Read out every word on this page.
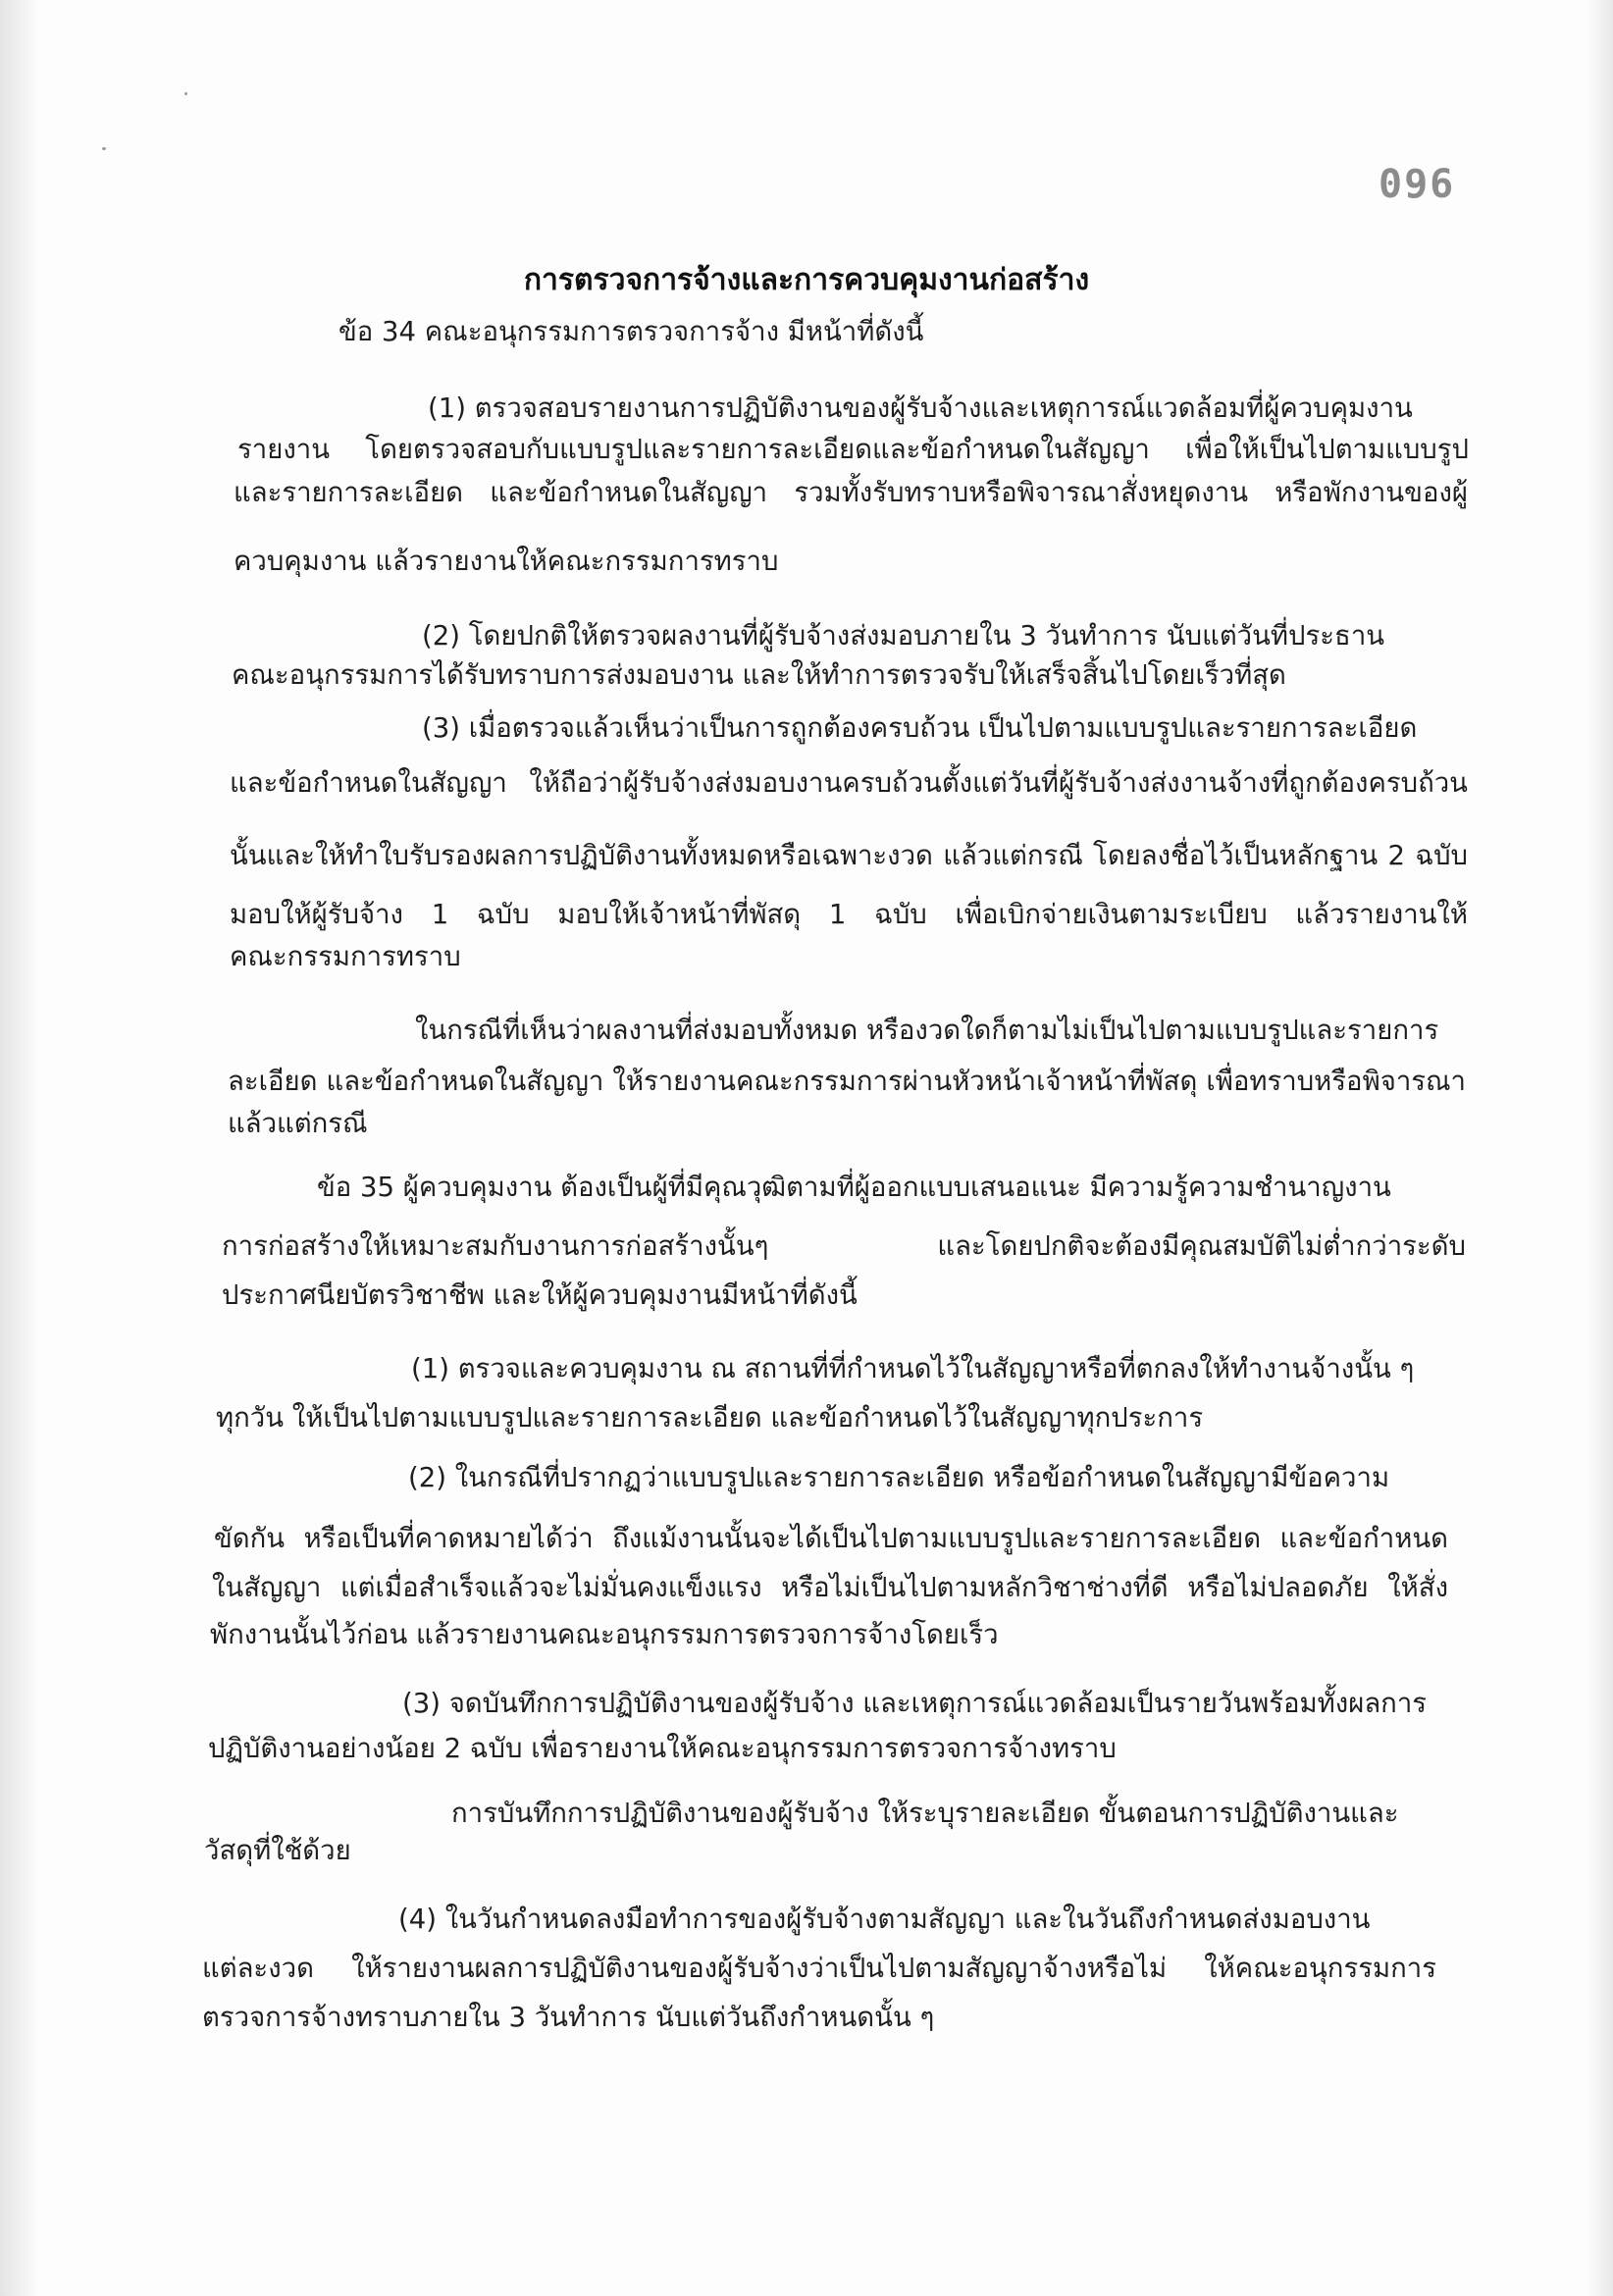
096
การตรวจการจ้างและการควบคุมงานก่อสร้าง
ข้อ 34 คณะอนุกรรมการตรวจการจ้าง มีหน้าที่ดังนี้
(1) ตรวจสอบรายงานการปฏิบัติงานของผู้รับจ้างและเหตุการณ์แวดล้อมที่ผู้ควบคุมงาน
รายงาน โดยตรวจสอบกับแบบรูปและรายการละเอียดและข้อกำหนดในสัญญา เพื่อให้เป็นไปตามแบบรูป
และรายการละเอียด และข้อกำหนดในสัญญา รวมทั้งรับทราบหรือพิจารณาสั่งหยุดงาน หรือพักงานของผู้
ควบคุมงาน แล้วรายงานให้คณะกรรมการทราบ
(2) โดยปกติให้ตรวจผลงานที่ผู้รับจ้างส่งมอบภายใน 3 วันทำการ นับแต่วันที่ประธาน
คณะอนุกรรมการได้รับทราบการส่งมอบงาน และให้ทำการตรวจรับให้เสร็จสิ้นไปโดยเร็วที่สุด
(3) เมื่อตรวจแล้วเห็นว่าเป็นการถูกต้องครบถ้วน เป็นไปตามแบบรูปและรายการละเอียด
และข้อกำหนดในสัญญา ให้ถือว่าผู้รับจ้างส่งมอบงานครบถ้วนตั้งแต่วันที่ผู้รับจ้างส่งงานจ้างที่ถูกต้องครบถ้วน
นั้นและให้ทำใบรับรองผลการปฏิบัติงานทั้งหมดหรือเฉพาะงวด แล้วแต่กรณี โดยลงชื่อไว้เป็นหลักฐาน 2 ฉบับ
มอบให้ผู้รับจ้าง 1 ฉบับ มอบให้เจ้าหน้าที่พัสดุ 1 ฉบับ เพื่อเบิกจ่ายเงินตามระเบียบ แล้วรายงานให้
คณะกรรมการทราบ
ในกรณีที่เห็นว่าผลงานที่ส่งมอบทั้งหมด หรืองวดใดก็ตามไม่เป็นไปตามแบบรูปและรายการ
ละเอียด และข้อกำหนดในสัญญา ให้รายงานคณะกรรมการผ่านหัวหน้าเจ้าหน้าที่พัสดุ เพื่อทราบหรือพิจารณา
แล้วแต่กรณี
ข้อ 35 ผู้ควบคุมงาน ต้องเป็นผู้ที่มีคุณวุฒิตามที่ผู้ออกแบบเสนอแนะ มีความรู้ความชำนาญงาน
การก่อสร้างให้เหมาะสมกับงานการก่อสร้างนั้นๆ และโดยปกติจะต้องมีคุณสมบัติไม่ต่ำกว่าระดับ
ประกาศนียบัตรวิชาชีพ และให้ผู้ควบคุมงานมีหน้าที่ดังนี้
(1) ตรวจและควบคุมงาน ณ สถานที่ที่กำหนดไว้ในสัญญาหรือที่ตกลงให้ทำงานจ้างนั้น ๆ
ทุกวัน ให้เป็นไปตามแบบรูปและรายการละเอียด และข้อกำหนดไว้ในสัญญาทุกประการ
(2) ในกรณีที่ปรากฏว่าแบบรูปและรายการละเอียด หรือข้อกำหนดในสัญญามีข้อความ
ขัดกัน หรือเป็นที่คาดหมายได้ว่า ถึงแม้งานนั้นจะได้เป็นไปตามแบบรูปและรายการละเอียด และข้อกำหนด
ในสัญญา แต่เมื่อสำเร็จแล้วจะไม่มั่นคงแข็งแรง หรือไม่เป็นไปตามหลักวิชาช่างที่ดี หรือไม่ปลอดภัย ให้สั่ง
พักงานนั้นไว้ก่อน แล้วรายงานคณะอนุกรรมการตรวจการจ้างโดยเร็ว
(3) จดบันทึกการปฏิบัติงานของผู้รับจ้าง และเหตุการณ์แวดล้อมเป็นรายวันพร้อมทั้งผลการ
ปฏิบัติงานอย่างน้อย 2 ฉบับ เพื่อรายงานให้คณะอนุกรรมการตรวจการจ้างทราบ
การบันทึกการปฏิบัติงานของผู้รับจ้าง ให้ระบุรายละเอียด ขั้นตอนการปฏิบัติงานและ
วัสดุที่ใช้ด้วย
(4) ในวันกำหนดลงมือทำการของผู้รับจ้างตามสัญญา และในวันถึงกำหนดส่งมอบงาน
แต่ละงวด ให้รายงานผลการปฏิบัติงานของผู้รับจ้างว่าเป็นไปตามสัญญาจ้างหรือไม่ ให้คณะอนุกรรมการ
ตรวจการจ้างทราบภายใน 3 วันทำการ นับแต่วันถึงกำหนดนั้น ๆ
